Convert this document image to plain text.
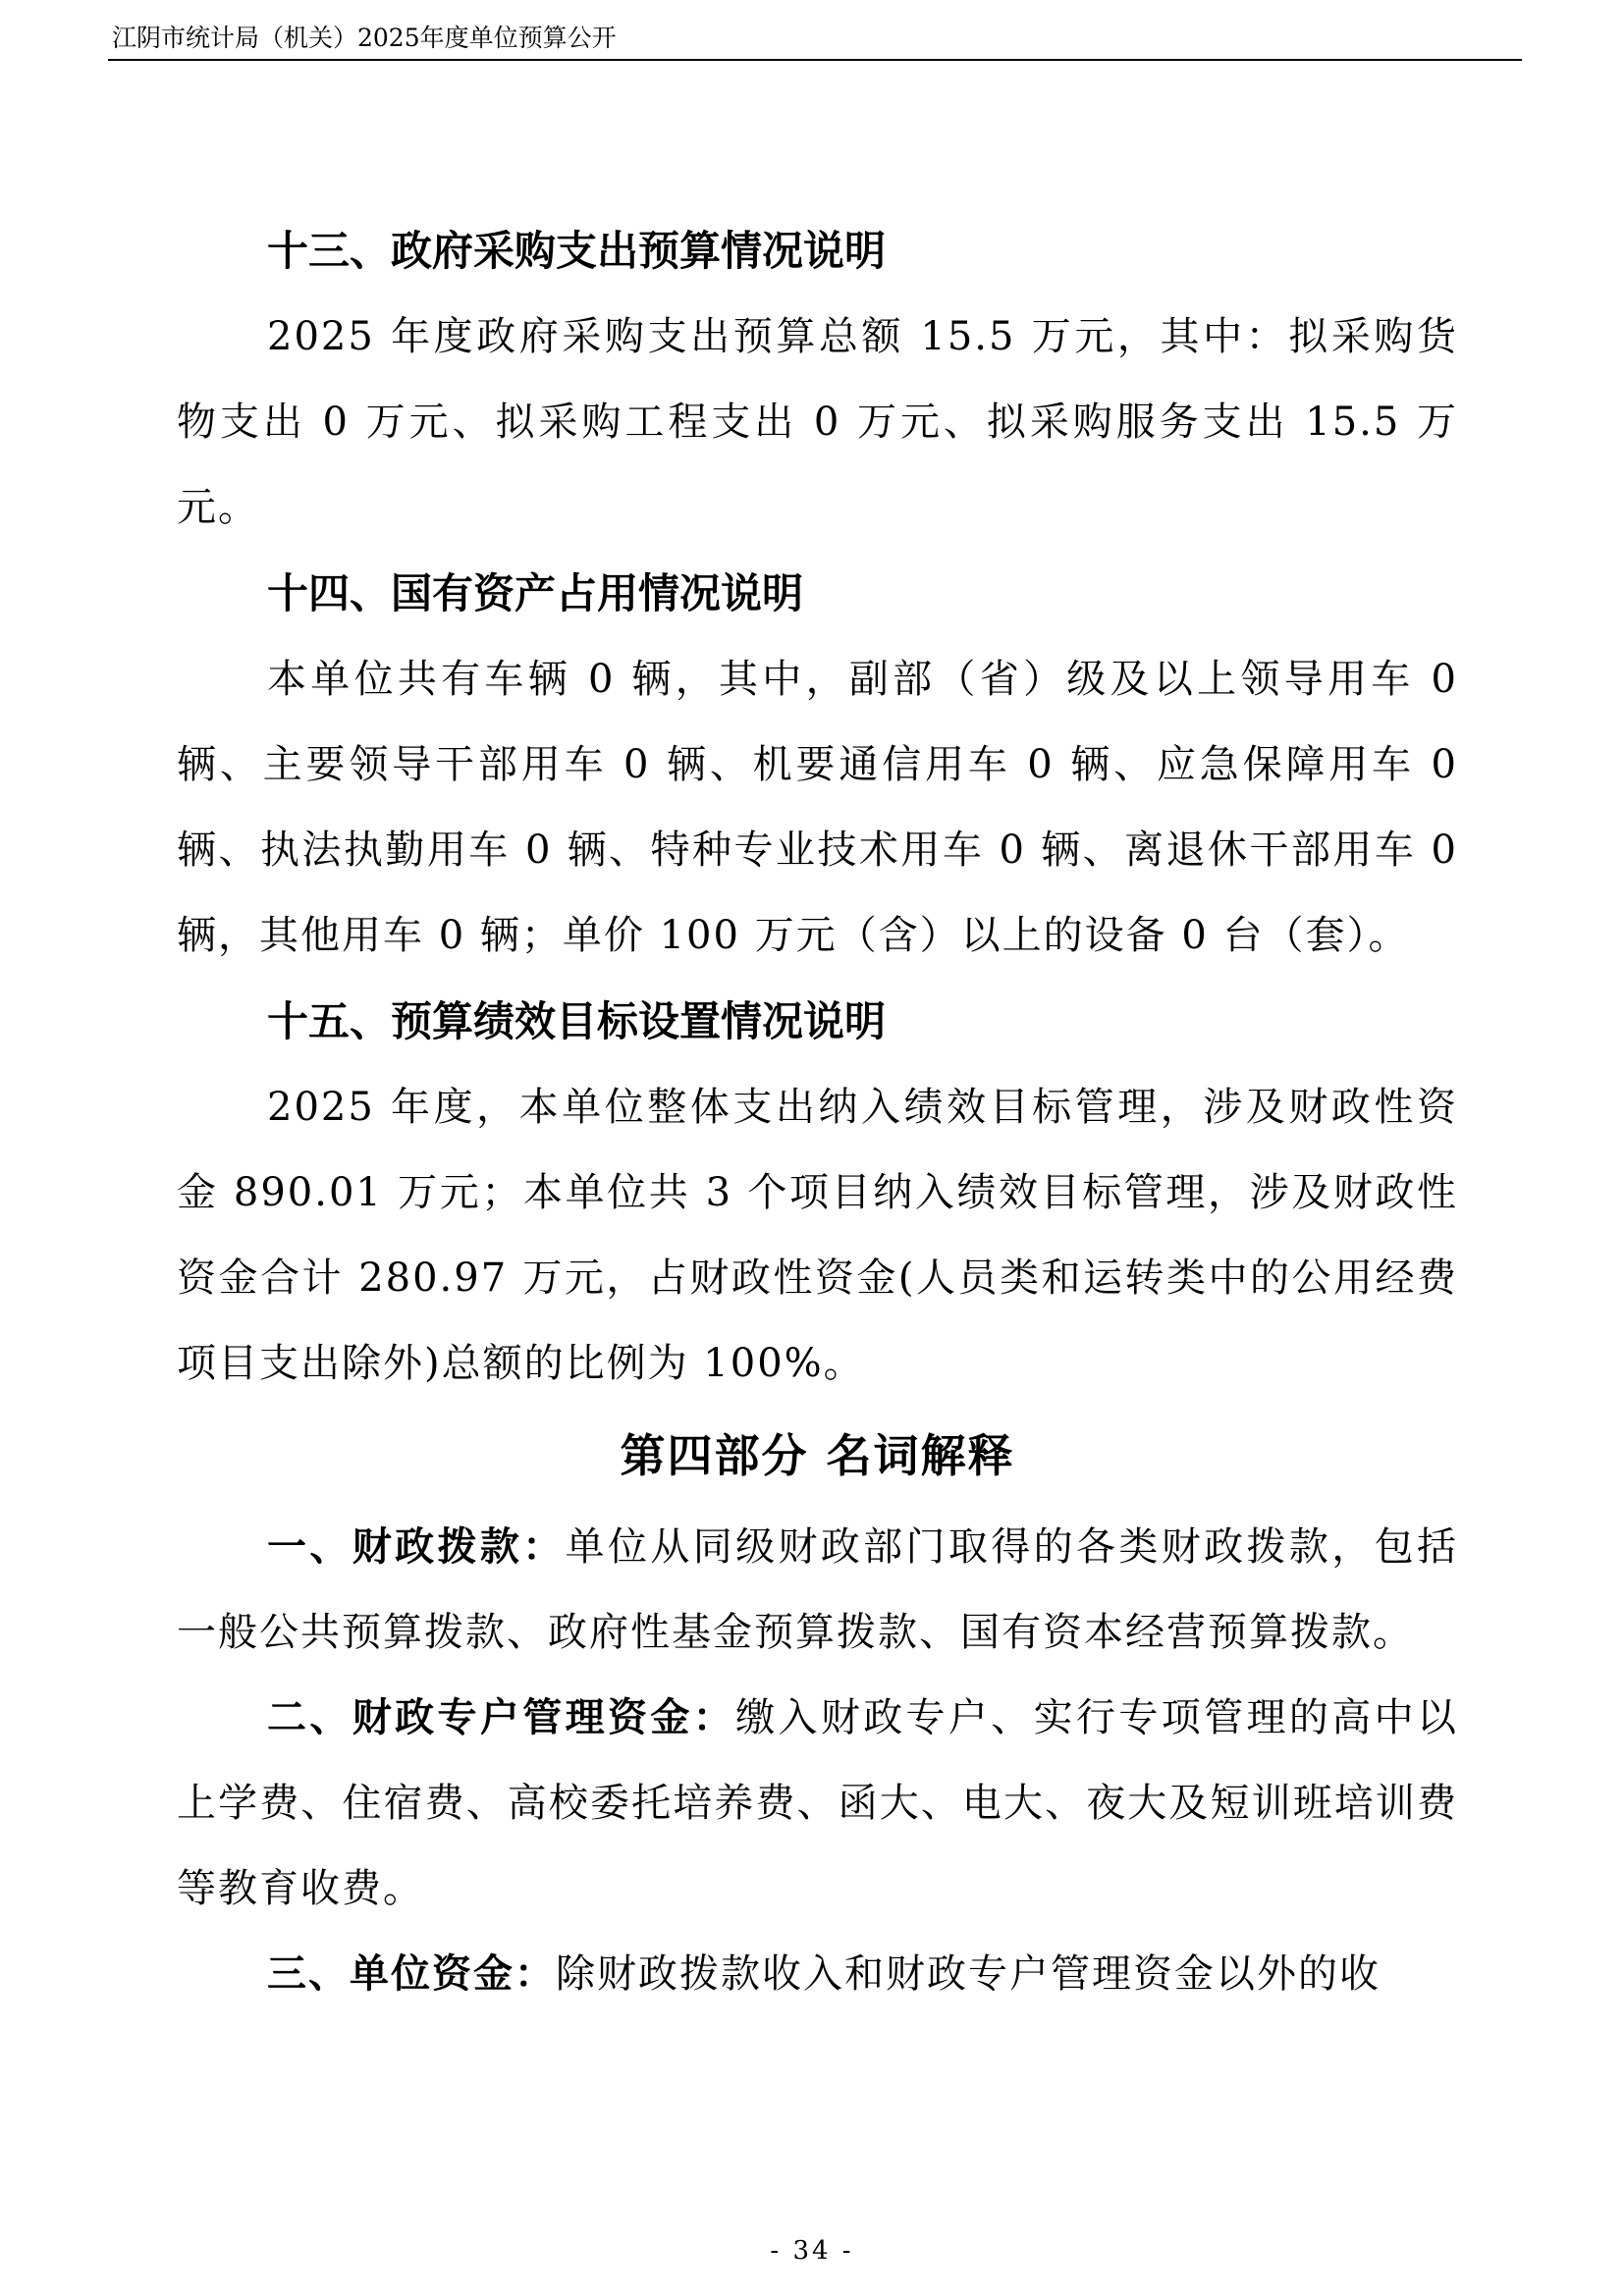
江阴市统计局（机关）2025年度单位预算公开

十三、政府采购支出预算情况说明

2025 年度政府采购支出预算总额 15.5 万元，其中：拟采购货物支出 0 万元、拟采购工程支出 0 万元、拟采购服务支出 15.5 万元。

十四、国有资产占用情况说明

本单位共有车辆 0 辆，其中，副部（省）级及以上领导用车 0 辆、主要领导干部用车 0 辆、机要通信用车 0 辆、应急保障用车 0 辆、执法执勤用车 0 辆、特种专业技术用车 0 辆、离退休干部用车 0 辆，其他用车 0 辆；单价 100 万元（含）以上的设备 0 台（套）。

十五、预算绩效目标设置情况说明

2025 年度，本单位整体支出纳入绩效目标管理，涉及财政性资金 890.01 万元；本单位共 3 个项目纳入绩效目标管理，涉及财政性资金合计 280.97 万元，占财政性资金(人员类和运转类中的公用经费项目支出除外)总额的比例为 100%。

第四部分 名词解释

一、财政拨款：单位从同级财政部门取得的各类财政拨款，包括一般公共预算拨款、政府性基金预算拨款、国有资本经营预算拨款。

二、财政专户管理资金：缴入财政专户、实行专项管理的高中以上学费、住宿费、高校委托培养费、函大、电大、夜大及短训班培训费等教育收费。

三、单位资金：除财政拨款收入和财政专户管理资金以外的收

- 34 -
